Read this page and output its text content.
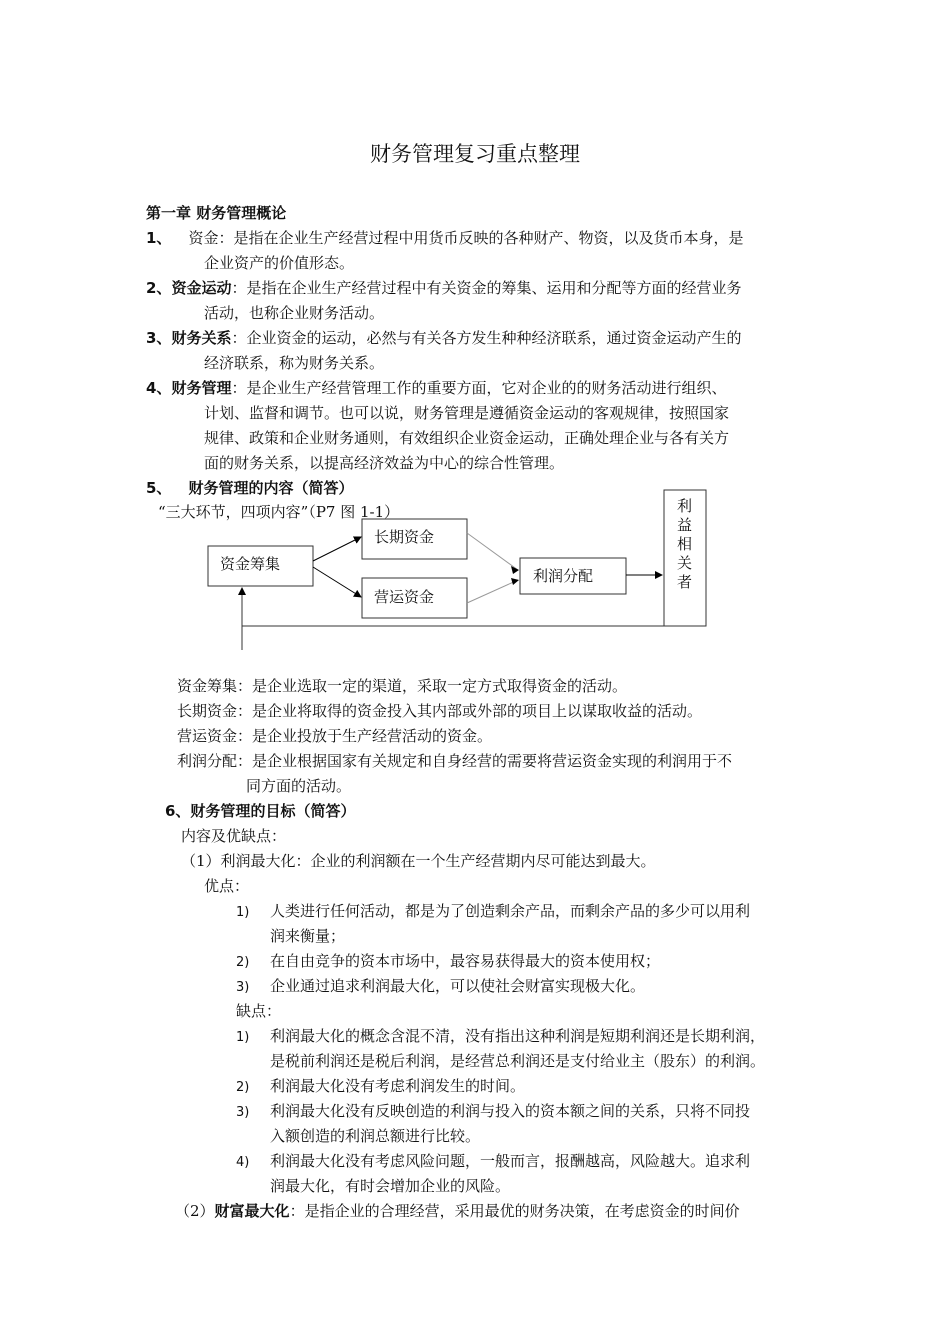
财务管理复习重点整理
第一章 财务管理概论
1、 资金：是指在企业生产经营过程中用货币反映的各种财产、物资，以及货币本身，是
企业资产的价值形态。
2、资金运动：是指在企业生产经营过程中有关资金的筹集、运用和分配等方面的经营业务
活动，也称企业财务活动。
3、财务关系：企业资金的运动，必然与有关各方发生种种经济联系，通过资金运动产生的
经济联系，称为财务关系。
4、财务管理：是企业生产经营管理工作的重要方面，它对企业的的财务活动进行组织、
计划、监督和调节。也可以说，财务管理是遵循资金运动的客观规律，按照国家
规律、政策和企业财务通则，有效组织企业资金运动，正确处理企业与各有关方
面的财务关系，以提高经济效益为中心的综合性管理。
5、 财务管理的内容（简答）
“三大环节，四项内容”（P7 图 1-1）
资金筹集
长期资金
营运资金
利润分配
利
益
相
关
者
资金筹集：是企业选取一定的渠道，采取一定方式取得资金的活动。
长期资金：是企业将取得的资金投入其内部或外部的项目上以谋取收益的活动。
营运资金：是企业投放于生产经营活动的资金。
利润分配：是企业根据国家有关规定和自身经营的需要将营运资金实现的利润用于不
同方面的活动。
6、财务管理的目标（简答）
内容及优缺点：
（1）利润最大化：企业的利润额在一个生产经营期内尽可能达到最大。
优点：
1) 人类进行任何活动，都是为了创造剩余产品，而剩余产品的多少可以用利
润来衡量；
2) 在自由竞争的资本市场中，最容易获得最大的资本使用权；
3) 企业通过追求利润最大化，可以使社会财富实现极大化。
缺点：
1) 利润最大化的概念含混不清，没有指出这种利润是短期利润还是长期利润，
是税前利润还是税后利润，是经营总利润还是支付给业主（股东）的利润。
2) 利润最大化没有考虑利润发生的时间。
3) 利润最大化没有反映创造的利润与投入的资本额之间的关系，只将不同投
入额创造的利润总额进行比较。
4) 利润最大化没有考虑风险问题，一般而言，报酬越高，风险越大。追求利
润最大化，有时会增加企业的风险。
（2）财富最大化：是指企业的合理经营，采用最优的财务决策，在考虑资金的时间价
